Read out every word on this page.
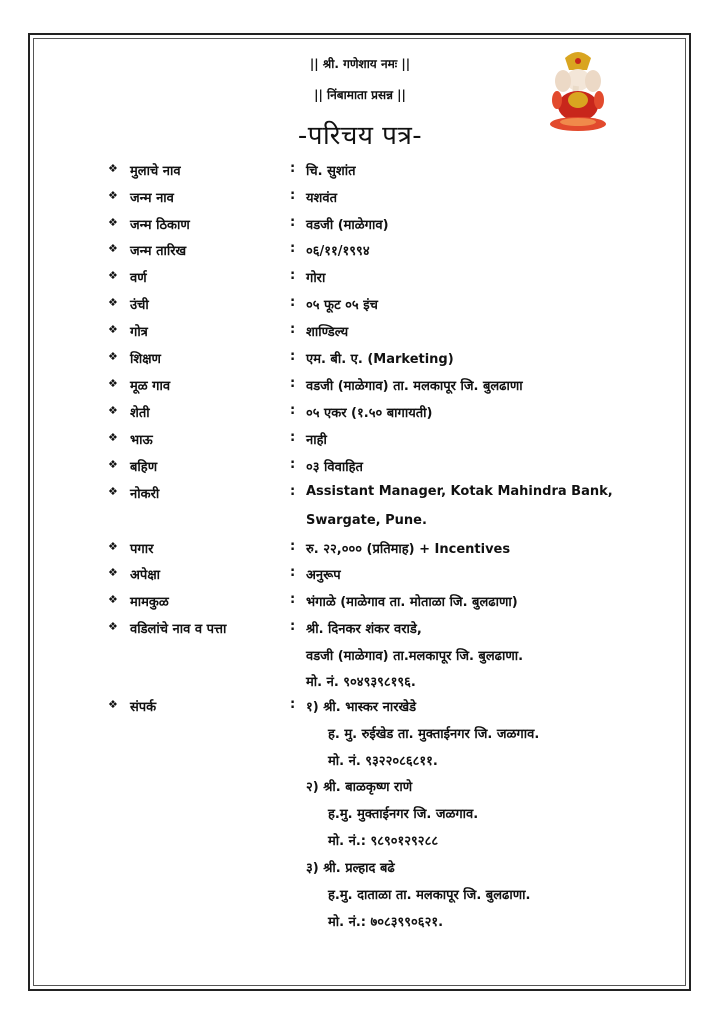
|| श्री. गणेशाय नमः ||
|| निंबामाता प्रसन्न ||
-परिचय पत्र-
❖ मुलाचे नाव	: चि. सुशांत
❖ जन्म नाव	: यशवंत
❖ जन्म ठिकाण	: वडजी (माळेगाव)
❖ जन्म तारिख	: ०६/११/१९९४
❖ वर्ण	: गोरा
❖ उंची	: ०५ फूट ०५ इंच
❖ गोत्र	: शाण्डिल्य
❖ शिक्षण	: एम. बी. ए. (Marketing)
❖ मूळ गाव	: वडजी (माळेगाव) ता. मलकापूर जि. बुलढाणा
❖ शेती	: ०५ एकर (१.५० बागायती)
❖ भाऊ	: नाही
❖ बहिण	: ०३ विवाहित
❖ नोकरी	: Assistant Manager, Kotak Mahindra Bank,
Swargate, Pune.
❖ पगार	: रु. २२,००० (प्रतिमाह) + Incentives
❖ अपेक्षा	: अनुरूप
❖ मामकुळ	: भंगाळे (माळेगाव ता. मोताळा जि. बुलढाणा)
❖ वडिलांचे नाव व पत्ता	: श्री. दिनकर शंकर वराडे,
वडजी (माळेगाव) ता.मलकापूर जि. बुलढाणा.
मो. नं. ९०४९३९८१९६.
❖ संपर्क	: १) श्री. भास्कर नारखेडे
ह. मु. रुईखेड ता. मुक्ताईनगर जि. जळगाव.
मो. नं. ९३२२०८६८११.
२) श्री. बाळकृष्ण राणे
ह.मु. मुक्ताईनगर जि. जळगाव.
मो. नं.: ९८९०१२९२८८
३) श्री. प्रल्हाद बढे
ह.मु. दाताळा ता. मलकापूर जि. बुलढाणा.
मो. नं.: ७०८३९९०६२१.
